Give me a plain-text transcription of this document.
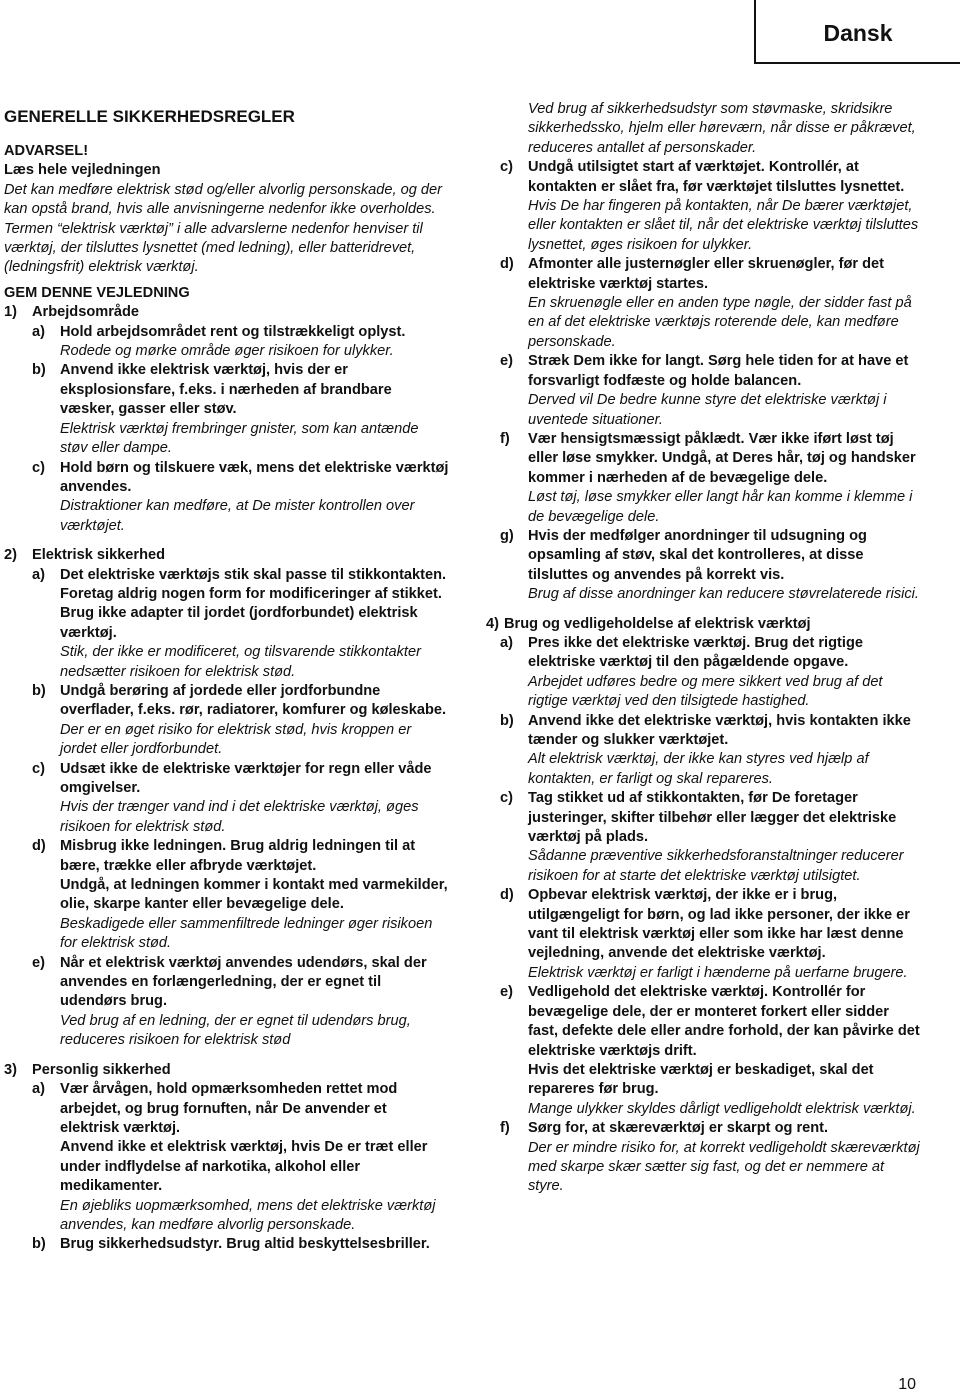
Dansk
GENERELLE SIKKERHEDSREGLER

ADVARSEL!

Læs hele vejledningen

Det kan medføre elektrisk stød og/eller alvorlig personskade, og der kan opstå brand, hvis alle anvisningerne nedenfor ikke overholdes.

Termen “elektrisk værktøj” i alle advarslerne nedenfor henviser til værktøj, der tilsluttes lysnettet (med ledning), eller batteridrevet, (ledningsfrit) elektrisk værktøj.

GEM DENNE VEJLEDNING

1)	Arbejdsområde
a)	Hold arbejdsområdet rent og tilstrækkeligt oplyst.
Rodede og mørke område øger risikoen for ulykker.
b) Anvend ikke elektrisk værktøj, hvis der er eksplosionsfare, f.eks. i nærheden af brandbare væsker, gasser eller støv.
Elektrisk værktøj frembringer gnister, som kan antænde støv eller dampe.
c)	Hold børn og tilskuere væk, mens det elektriske værktøj anvendes.
Distraktioner kan medføre, at De mister kontrollen over værktøjet.
2)	Elektrisk sikkerhed
a)	Det elektriske værktøjs stik skal passe til stikkontakten.
Foretag aldrig nogen form for modificeringer af stikket.
Brug ikke adapter til jordet (jordforbundet) elektrisk værktøj.
Stik, der ikke er modificeret, og tilsvarende stikkontakter nedsætter risikoen for elektrisk stød.
b) Undgå berøring af jordede eller jordforbundne overflader, f.eks. rør, radiatorer, komfurer og køleskabe.
Der er en øget risiko for elektrisk stød, hvis kroppen er jordet eller jordforbundet.
c)	Udsæt ikke de elektriske værktøjer for regn eller våde omgivelser.
Hvis der trænger vand ind i det elektriske værktøj, øges risikoen for elektrisk stød.
d) Misbrug ikke ledningen. Brug aldrig ledningen til at bære, trække eller afbryde værktøjet.
Undgå, at ledningen kommer i kontakt med varmekilder, olie, skarpe kanter eller bevægelige dele.
Beskadigede eller sammenfiltrede ledninger øger risikoen for elektrisk stød.
e)	Når et elektrisk værktøj anvendes udendørs, skal der anvendes en forlængerledning, der er egnet til udendørs brug.
Ved brug af en ledning, der er egnet til udendørs brug, reduceres risikoen for elektrisk stød
3)	Personlig sikkerhed
a)	Vær årvågen, hold opmærksomheden rettet mod arbejdet, og brug fornuften, når De anvender et elektrisk værktøj.
Anvend ikke et elektrisk værktøj, hvis De er træt eller under indflydelse af narkotika, alkohol eller medikamenter.
En øjebliks uopmærksomhed, mens det elektriske værktøj anvendes, kan medføre alvorlig personskade.
b) Brug sikkerhedsudstyr. Brug altid beskyttelsesbriller.
Ved brug af sikkerhedsudstyr som støvmaske, skridsikre sikkerhedssko, hjelm eller høreværn, når disse er påkrævet, reduceres antallet af personskader.
c)	Undgå utilsigtet start af værktøjet. Kontrollér, at kontakten er slået fra, før værktøjet tilsluttes lysnettet.
Hvis De har fingeren på kontakten, når De bærer værktøjet, eller kontakten er slået til, når det elektriske værktøj tilsluttes lysnettet, øges risikoen for ulykker.
d) Afmonter alle justernøgler eller skruenøgler, før det elektriske værktøj startes.
En skruenøgle eller en anden type nøgle, der sidder fast på en af det elektriske værktøjs roterende dele, kan medføre personskade.
e)	Stræk Dem ikke for langt. Sørg hele tiden for at have et forsvarligt fodfæste og holde balancen.
Derved vil De bedre kunne styre det elektriske værktøj i uventede situationer.
f)	Vær hensigtsmæssigt påklædt. Vær ikke iført løst tøj eller løse smykker. Undgå, at Deres hår, tøj og handsker kommer i nærheden af de bevægelige dele.
Løst tøj, løse smykker eller langt hår kan komme i klemme i de bevægelige dele.
g) Hvis der medfølger anordninger til udsugning og opsamling af støv, skal det kontrolleres, at disse tilsluttes og anvendes på korrekt vis.
Brug af disse anordninger kan reducere støvrelaterede risici.
4) Brug og vedligeholdelse af elektrisk værktøj
a)	Pres ikke det elektriske værktøj. Brug det rigtige elektriske værktøj til den pågældende opgave.
Arbejdet udføres bedre og mere sikkert ved brug af det rigtige værktøj ved den tilsigtede hastighed.
b) Anvend ikke det elektriske værktøj, hvis kontakten ikke tænder og slukker værktøjet.
Alt elektrisk værktøj, der ikke kan styres ved hjælp af kontakten, er farligt og skal repareres.
c)	Tag stikket ud af stikkontakten, før De foretager justeringer, skifter tilbehør eller lægger det elektriske værktøj på plads.
Sådanne præventive sikkerhedsforanstaltninger reducerer risikoen for at starte det elektriske værktøj utilsigtet.
d) Opbevar elektrisk værktøj, der ikke er i brug, utilgængeligt for børn, og lad ikke personer, der ikke er vant til elektrisk værktøj eller som ikke har læst denne vejledning, anvende det elektriske værktøj.
Elektrisk værktøj er farligt i hænderne på uerfarne brugere.
e)	Vedligehold det elektriske værktøj. Kontrollér for bevægelige dele, der er monteret forkert eller sidder fast, defekte dele eller andre forhold, der kan påvirke det elektriske værktøjs drift.
Hvis det elektriske værktøj er beskadiget, skal det repareres før brug.
Mange ulykker skyldes dårligt vedligeholdt elektrisk værktøj.
f)	Sørg for, at skæreværktøj er skarpt og rent.
Der er mindre risiko for, at korrekt vedligeholdt skæreværktøj med skarpe skær sætter sig fast, og det er nemmere at styre.
10
